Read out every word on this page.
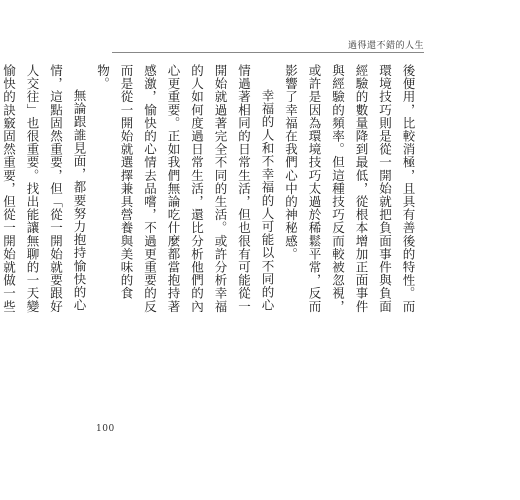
過得還不錯的人生

後便用，比較消極，且具有善後的特性。而環境技巧則是從一開始就把負面事件與負面經驗的數量降到最低，從根本增加正面事件與經驗的頻率。但這種技巧反而較被忽視，或許是因為環境技巧太過於稀鬆平常，反而影響了幸福在我們心中的神秘感。

幸福的人和不幸福的人可能以不同的心情過著相同的日常生活，但也很有可能從一開始就過著完全不同的生活。或許分析幸福的人如何度過日常生活，還比分析他們的內心更重要。正如我們無論吃什麼都當抱持著感激，愉快的心情去品嚐，不過更重要的反而是從一開始就選擇兼具營養與美味的食物。

無論跟誰見面，都要努力抱持愉快的心情，這點固然重要，但「從一開始就要跟好人交往」也很重要。找出能讓無聊的一天變愉快的訣竅固然重要，但從一開始就做一些

100
